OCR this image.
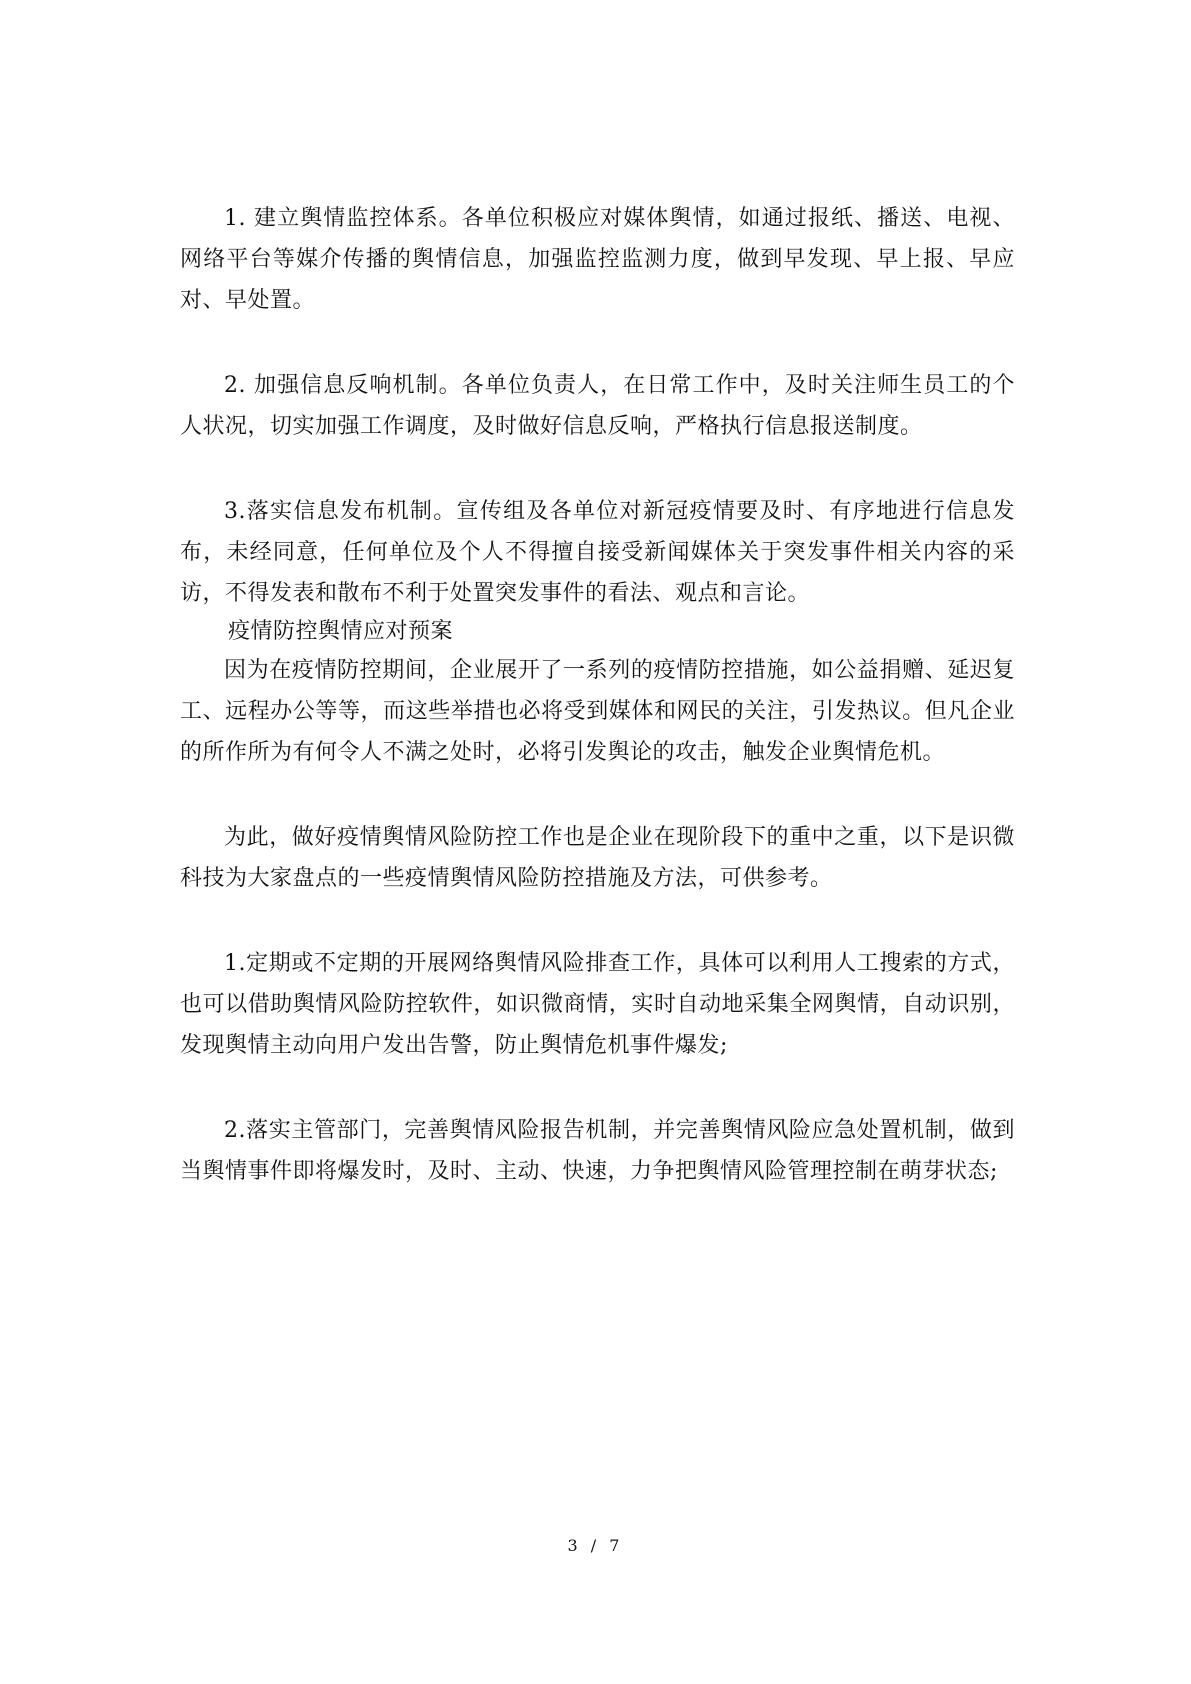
1. 建立舆情监控体系。各单位积极应对媒体舆情，如通过报纸、播送、电视、网络平台等媒介传播的舆情信息，加强监控监测力度，做到早发现、早上报、早应对、早处置。

2. 加强信息反响机制。各单位负责人，在日常工作中，及时关注师生员工的个人状况，切实加强工作调度，及时做好信息反响，严格执行信息报送制度。

3.落实信息发布机制。宣传组及各单位对新冠疫情要及时、有序地进行信息发布，未经同意，任何单位及个人不得擅自接受新闻媒体关于突发事件相关内容的采访，不得发表和散布不利于处置突发事件的看法、观点和言论。

疫情防控舆情应对预案

因为在疫情防控期间，企业展开了一系列的疫情防控措施，如公益捐赠、延迟复工、远程办公等等，而这些举措也必将受到媒体和网民的关注，引发热议。但凡企业的所作所为有何令人不满之处时，必将引发舆论的攻击，触发企业舆情危机。

为此，做好疫情舆情风险防控工作也是企业在现阶段下的重中之重，以下是识微科技为大家盘点的一些疫情舆情风险防控措施及方法，可供参考。

1.定期或不定期的开展网络舆情风险排查工作，具体可以利用人工搜索的方式，也可以借助舆情风险防控软件，如识微商情，实时自动地采集全网舆情，自动识别，发现舆情主动向用户发出告警，防止舆情危机事件爆发;

2.落实主管部门，完善舆情风险报告机制，并完善舆情风险应急处置机制，做到当舆情事件即将爆发时，及时、主动、快速，力争把舆情风险管理控制在萌芽状态;

3 / 7
